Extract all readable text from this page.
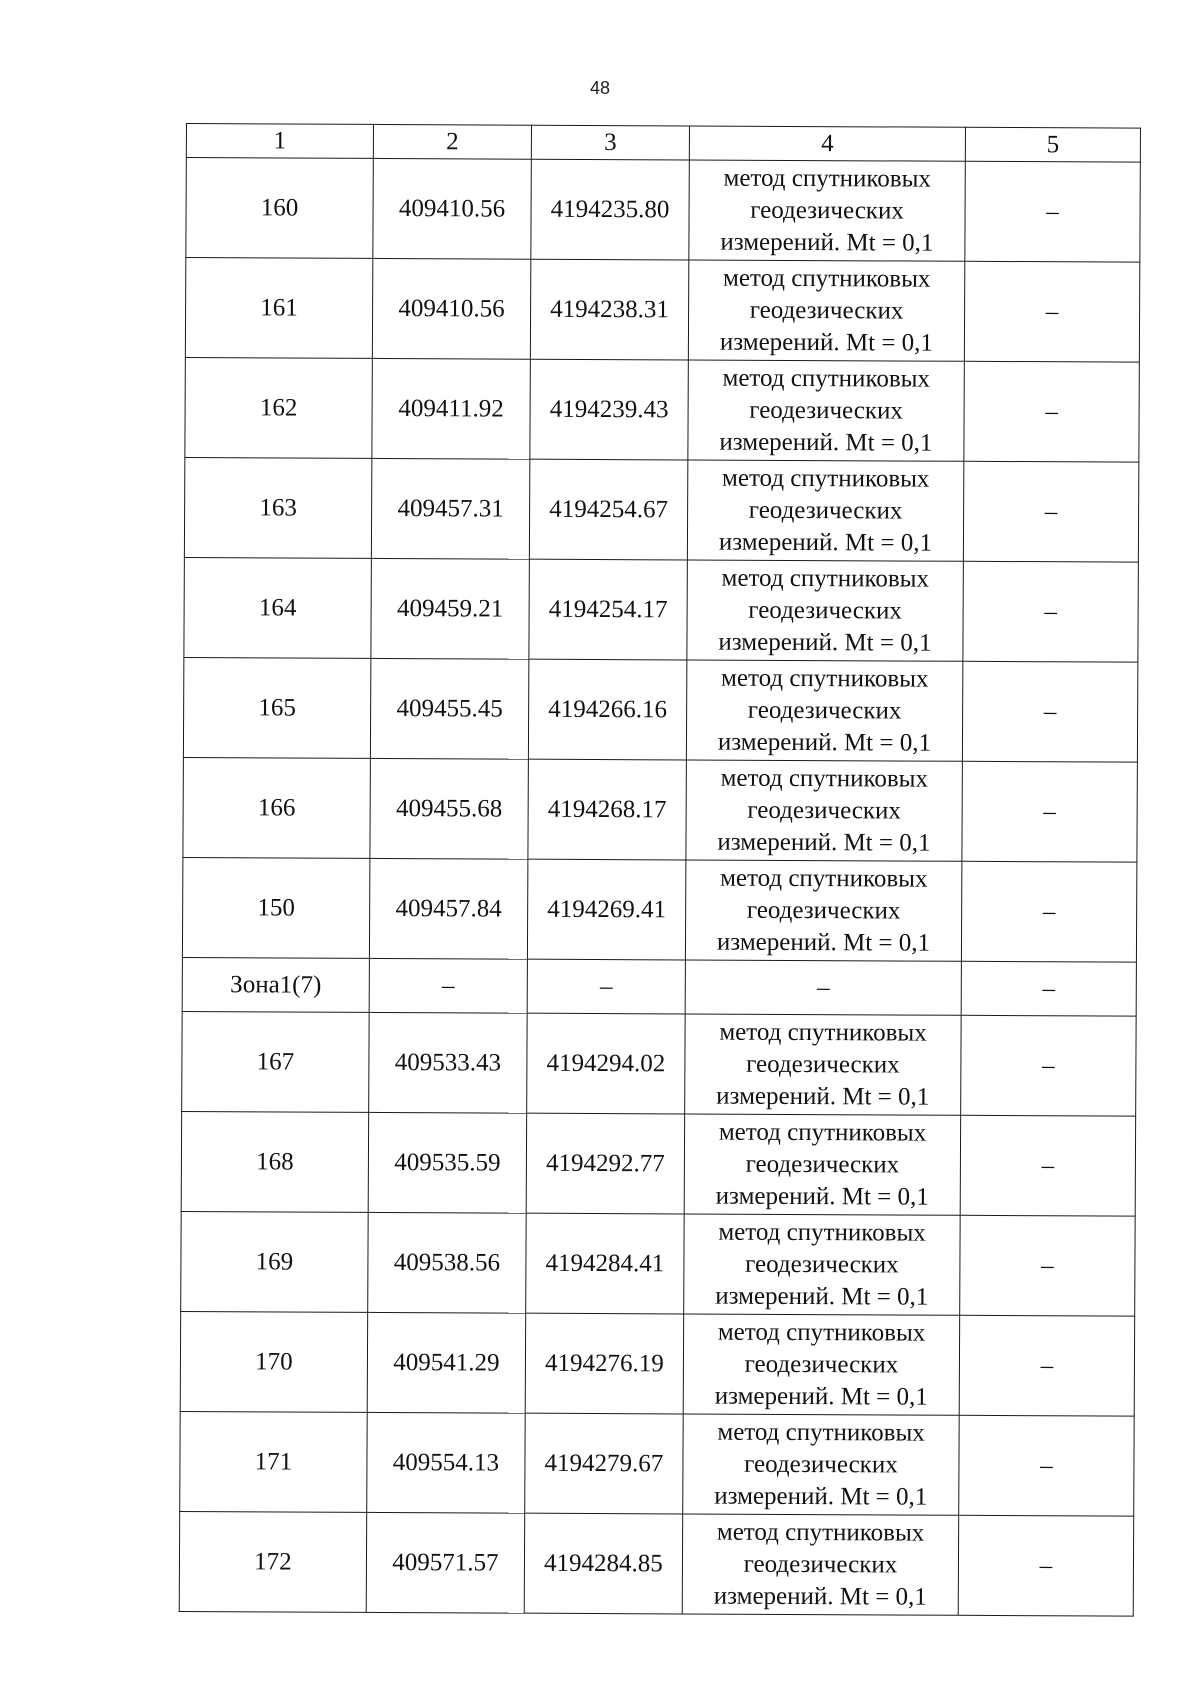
48
1	2	3	4	5
160	409410.56	4194235.80	метод спутниковых
геодезических
измерений. Mt = 0,1	–
161	409410.56	4194238.31	метод спутниковых
геодезических
измерений. Mt = 0,1	–
162	409411.92	4194239.43	метод спутниковых
геодезических
измерений. Mt = 0,1	–
163	409457.31	4194254.67	метод спутниковых
геодезических
измерений. Mt = 0,1	–
164	409459.21	4194254.17	метод спутниковых
геодезических
измерений. Mt = 0,1	–
165	409455.45	4194266.16	метод спутниковых
геодезических
измерений. Mt = 0,1	–
166	409455.68	4194268.17	метод спутниковых
геодезических
измерений. Mt = 0,1	–
150	409457.84	4194269.41	метод спутниковых
геодезических
измерений. Mt = 0,1	–
Зона1(7)	–	–	–	–
167	409533.43	4194294.02	метод спутниковых
геодезических
измерений. Mt = 0,1	–
168	409535.59	4194292.77	метод спутниковых
геодезических
измерений. Mt = 0,1	–
169	409538.56	4194284.41	метод спутниковых
геодезических
измерений. Mt = 0,1	–
170	409541.29	4194276.19	метод спутниковых
геодезических
измерений. Mt = 0,1	–
171	409554.13	4194279.67	метод спутниковых
геодезических
измерений. Mt = 0,1	–
172	409571.57	4194284.85	метод спутниковых
геодезических
измерений. Mt = 0,1	–
